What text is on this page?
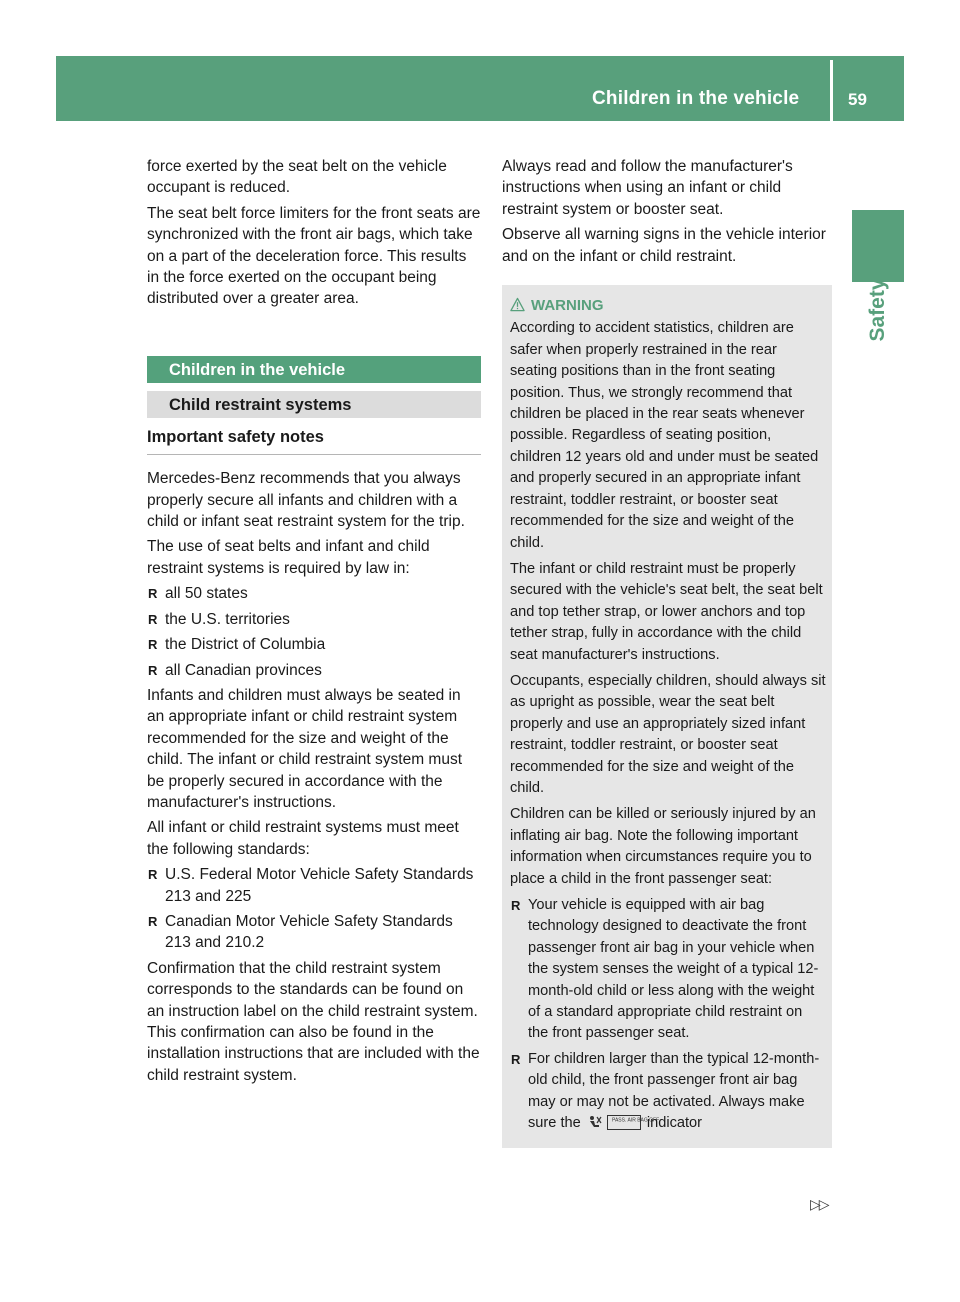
Children in the vehicle	59
Safety

force exerted by the seat belt on the vehicle occupant is reduced.

The seat belt force limiters for the front seats are synchronized with the front air bags, which take on a part of the deceleration force. This results in the force exerted on the occupant being distributed over a greater area.

Children in the vehicle
Child restraint systems
Important safety notes

Mercedes-Benz recommends that you always properly secure all infants and children with a child or infant seat restraint system for the trip.

The use of seat belts and infant and child restraint systems is required by law in:

R all 50 states
R the U.S. territories
R the District of Columbia
R all Canadian provinces

Infants and children must always be seated in an appropriate infant or child restraint system recommended for the size and weight of the child. The infant or child restraint system must be properly secured in accordance with the manufacturer's instructions.

All infant or child restraint systems must meet the following standards:

R U.S. Federal Motor Vehicle Safety Standards 213 and 225
R Canadian Motor Vehicle Safety Standards 213 and 210.2

Confirmation that the child restraint system corresponds to the standards can be found on an instruction label on the child restraint system. This confirmation can also be found in the installation instructions that are included with the child restraint system.

Always read and follow the manufacturer's instructions when using an infant or child restraint system or booster seat.

Observe all warning signs in the vehicle interior and on the infant or child restraint.

WARNING

According to accident statistics, children are safer when properly restrained in the rear seating positions than in the front seating position. Thus, we strongly recommend that children be placed in the rear seats whenever possible. Regardless of seating position, children 12 years old and under must be seated and properly secured in an appropriate infant restraint, toddler restraint, or booster seat recommended for the size and weight of the child.

The infant or child restraint must be properly secured with the vehicle's seat belt, the seat belt and top tether strap, or lower anchors and top tether strap, fully in accordance with the child seat manufacturer's instructions.

Occupants, especially children, should always sit as upright as possible, wear the seat belt properly and use an appropriately sized infant restraint, toddler restraint, or booster seat recommended for the size and weight of the child.

Children can be killed or seriously injured by an inflating air bag. Note the following important information when circumstances require you to place a child in the front passenger seat:

R Your vehicle is equipped with air bag technology designed to deactivate the front passenger front air bag in your vehicle when the system senses the weight of a typical 12-month-old child or less along with the weight of a standard appropriate child restraint on the front passenger seat.
R For children larger than the typical 12-month-old child, the front passenger front air bag may or may not be activated. Always make sure the	PASS. AIR BAG OFF
indicator
▷▷
